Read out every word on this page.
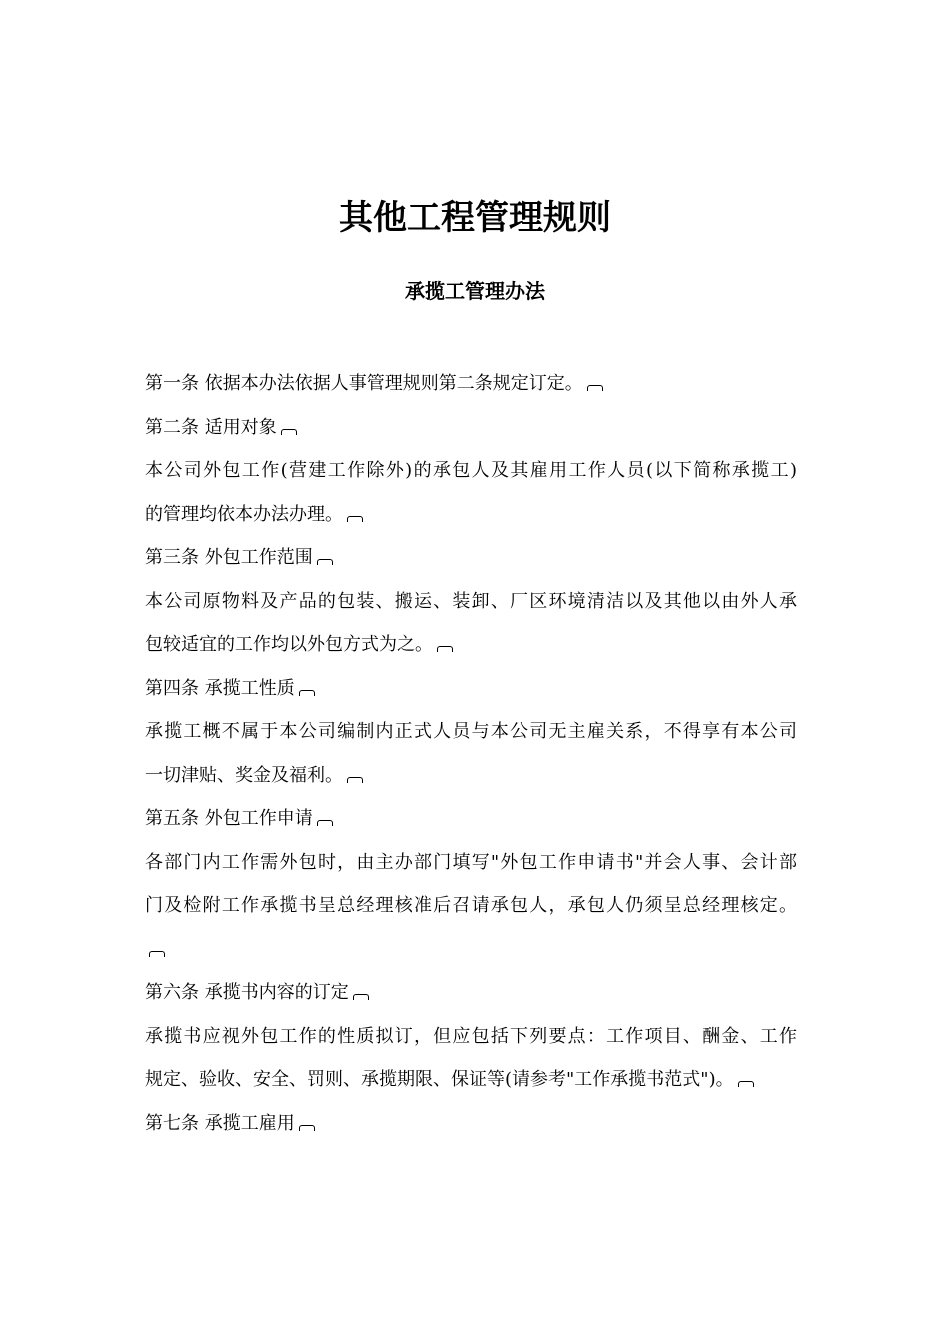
其他工程管理规则
承揽工管理办法
第一条 依据本办法依据人事管理规则第二条规定订定。
第二条 适用对象
本公司外包工作(营建工作除外)的承包人及其雇用工作人员(以下简称承揽工)
的管理均依本办法办理。
第三条 外包工作范围
本公司原物料及产品的包装、搬运、装卸、厂区环境清洁以及其他以由外人承
包较适宜的工作均以外包方式为之。
第四条 承揽工性质
承揽工概不属于本公司编制内正式人员与本公司无主雇关系，不得享有本公司
一切津贴、奖金及福利。
第五条 外包工作申请
各部门内工作需外包时，由主办部门填写"外包工作申请书"并会人事、会计部
门及检附工作承揽书呈总经理核准后召请承包人，承包人仍须呈总经理核定。
第六条 承揽书内容的订定
承揽书应视外包工作的性质拟订，但应包括下列要点：工作项目、酬金、工作
规定、验收、安全、罚则、承揽期限、保证等(请参考"工作承揽书范式")。
第七条 承揽工雇用
